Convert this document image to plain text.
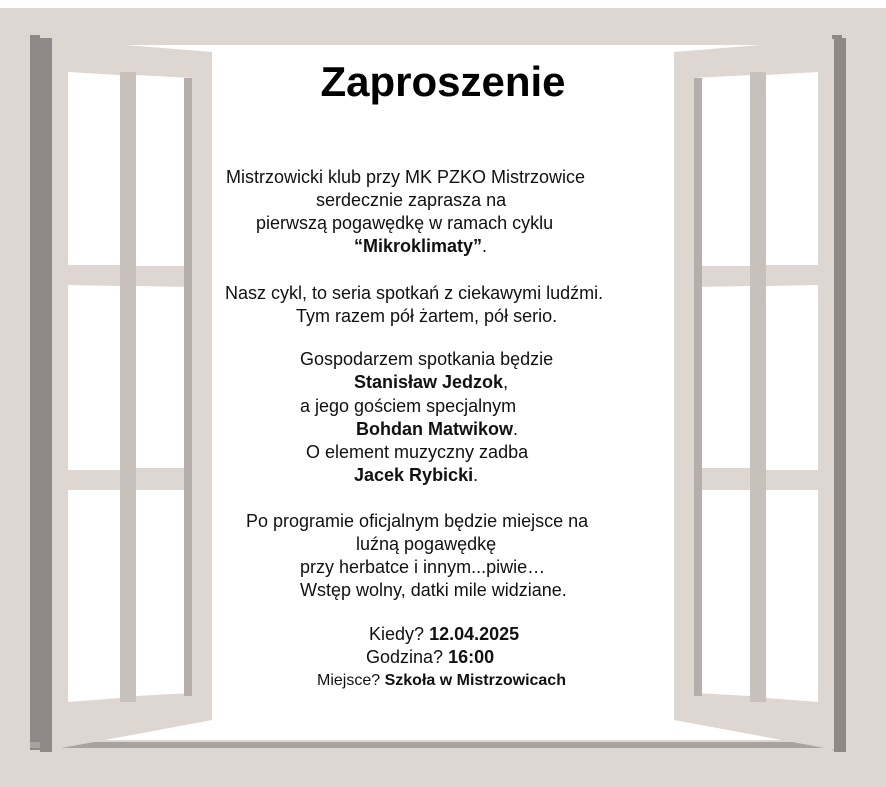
Zaproszenie
Mistrzowicki klub przy MK PZKO Mistrzowice
serdecznie zaprasza na
pierwszą pogawędkę w ramach cyklu
“Mikroklimaty”.
Nasz cykl, to seria spotkań z ciekawymi ludźmi.
Tym razem pół żartem, pół serio.
Gospodarzem spotkania będzie
Stanisław Jedzok,
a jego gościem specjalnym
Bohdan Matwikow.
O element muzyczny zadba
Jacek Rybicki.
Po programie oficjalnym będzie miejsce na
luźną pogawędkę
przy herbatce i innym...piwie…
Wstęp wolny, datki mile widziane.
Kiedy? 12.04.2025
Godzina? 16:00
Miejsce? Szkoła w Mistrzowicach
